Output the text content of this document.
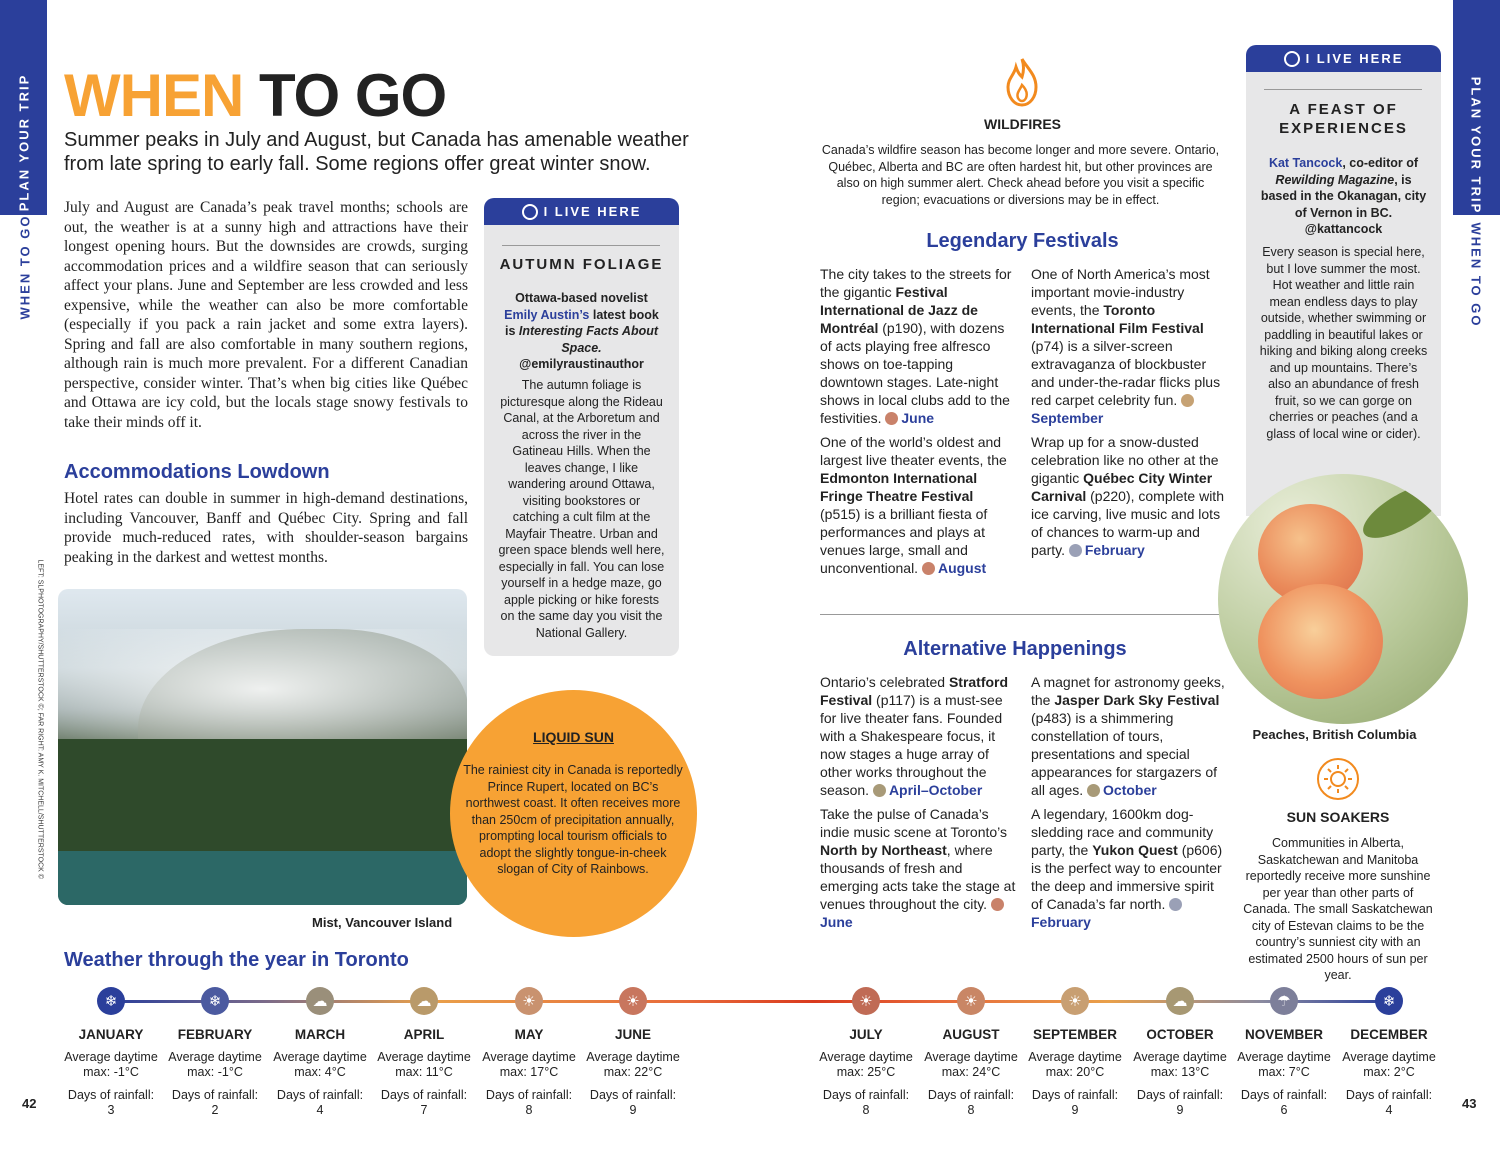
PLAN YOUR TRIP
WHEN TO GO
PLAN YOUR TRIP
WHEN TO GO
WHEN TO GO
Summer peaks in July and August, but Canada has amenable weather
from late spring to early fall. Some regions offer great winter snow.
July and August are Canada’s peak travel months; schools are out, the weather is at a sunny high and attractions have their longest opening hours. But the downsides are crowds, surging accommodation prices and a wildfire season that can seriously affect your plans. June and September are less crowded and less expensive, while the weather can also be more comfortable (especially if you pack a rain jacket and some extra layers). Spring and fall are also comfortable in many southern regions, although rain is much more prevalent. For a different Canadian perspective, consider winter. That’s when big cities like Québec and Ottawa are icy cold, but the locals stage snowy festivals to take their minds off it.
Accommodations Lowdown
Hotel rates can double in summer in high-demand destinations, including Vancouver, Banff and Québec City. Spring and fall provide much-reduced rates, with shoulder-season bargains peaking in the darkest and wettest months.
I LIVE HERE
AUTUMN FOLIAGE
Ottawa-based novelist Emily Austin’s latest book is Interesting Facts About Space.
@emilyraustinauthor
The autumn foliage is picturesque along the Rideau Canal, at the Arboretum and across the river in the Gatineau Hills. When the leaves change, I like wandering around Ottawa, visiting bookstores or catching a cult film at the Mayfair Theatre. Urban and green space blends well here, especially in fall. You can lose yourself in a hedge maze, go apple picking or hike forests on the same day you visit the National Gallery.
LEFT: SLPHOTOGRAPHY/SHUTTERSTOCK ©; FAR RIGHT: AMY K. MITCHELL/SHUTTERSTOCK ©
Mist, Vancouver Island
LIQUID SUN
The rainiest city in Canada is reportedly Prince Rupert, located on BC’s northwest coast. It often receives more than 250cm of precipitation annually, prompting local tourism officials to adopt the slightly tongue-in-cheek slogan of City of Rainbows.
WILDFIRES
Canada’s wildfire season has become longer and more severe. Ontario, Québec, Alberta and BC are often hardest hit, but other provinces are also on high summer alert. Check ahead before you visit a specific region; evacuations or diversions may be in effect.
Legendary Festivals

The city takes to the streets for the gigantic Festival International de Jazz de Montréal (p190), with dozens of acts playing free alfresco shows on toe-tapping downtown stages. Late-night shows in local clubs add to the festivities. June

One of the world’s oldest and largest live theater events, the Edmonton International Fringe Theatre Festival (p515) is a brilliant fiesta of performances and plays at venues large, small and unconventional. August

One of North America’s most important movie-industry events, the Toronto International Film Festival (p74) is a silver-screen extravaganza of blockbuster and under-the-radar flicks plus red carpet celebrity fun. September

Wrap up for a snow-dusted celebration like no other at the gigantic Québec City Winter Carnival (p220), complete with ice carving, live music and lots of chances to warm-up and party. February

Alternative Happenings

Ontario’s celebrated Stratford Festival (p117) is a must-see for live theater fans. Founded with a Shakespeare focus, it now stages a huge array of other works throughout the season. April–October

Take the pulse of Canada’s indie music scene at Toronto’s North by Northeast, where thousands of fresh and emerging acts take the stage at venues throughout the city. June

A magnet for astronomy geeks, the Jasper Dark Sky Festival (p483) is a shimmering constellation of tours, presentations and special appearances for stargazers of all ages. October

A legendary, 1600km dog-sledding race and community party, the Yukon Quest (p606) is the perfect way to encounter the deep and immersive spirit of Canada’s far north. February

I LIVE HERE
A FEAST OF
EXPERIENCES
Kat Tancock, co-editor of Rewilding Magazine, is based in the Okanagan, city of Vernon in BC.
@kattancock
Every season is special here, but I love summer the most. Hot weather and little rain mean endless days to play outside, whether swimming or paddling in beautiful lakes or hiking and biking along creeks and up mountains. There’s also an abundance of fresh fruit, so we can gorge on cherries or peaches (and a glass of local wine or cider).
Peaches, British Columbia
SUN SOAKERS
Communities in Alberta, Saskatchewan and Manitoba reportedly receive more sunshine per year than other parts of Canada. The small Saskatchewan city of Estevan claims to be the country’s sunniest city with an estimated 2500 hours of sun per year.
Weather through the year in Toronto
❄
JANUARY
Average daytime
max: -1°C
Days of rainfall:
3
❄
FEBRUARY
Average daytime
max: -1°C
Days of rainfall:
2
☁
MARCH
Average daytime
max: 4°C
Days of rainfall:
4
☁
APRIL
Average daytime
max: 11°C
Days of rainfall:
7
☀
MAY
Average daytime
max: 17°C
Days of rainfall:
8
☀
JUNE
Average daytime
max: 22°C
Days of rainfall:
9
☀
JULY
Average daytime
max: 25°C
Days of rainfall:
8
☀
AUGUST
Average daytime
max: 24°C
Days of rainfall:
8
☀
SEPTEMBER
Average daytime
max: 20°C
Days of rainfall:
9
☁
OCTOBER
Average daytime
max: 13°C
Days of rainfall:
9
☂
NOVEMBER
Average daytime
max: 7°C
Days of rainfall:
6
❄
DECEMBER
Average daytime
max: 2°C
Days of rainfall:
4
42	43
